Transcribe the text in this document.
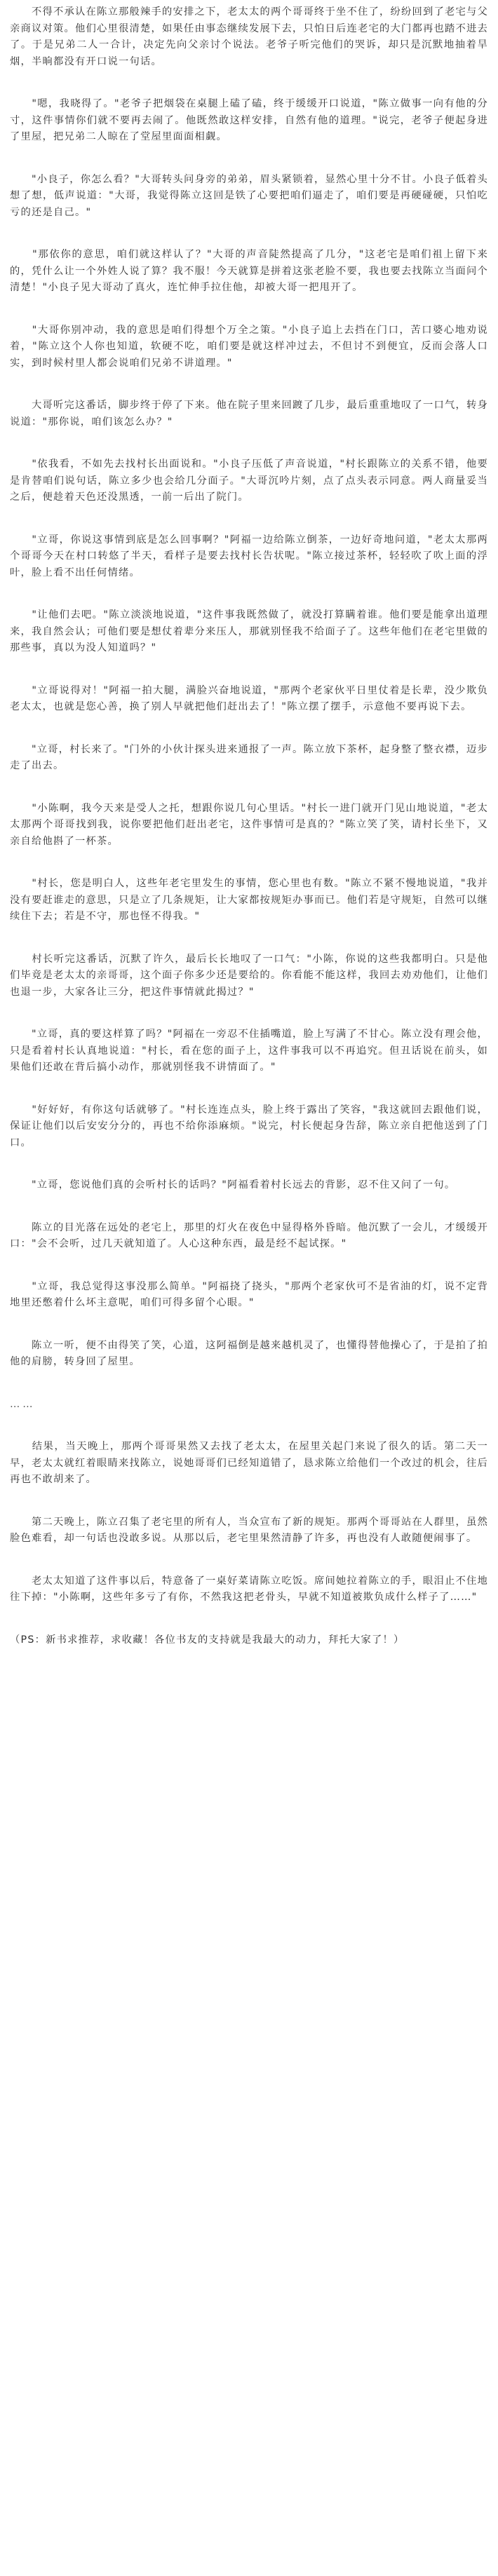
　　不得不承认在陈立那般辣手的安排之下，老太太的两个哥哥终于坐不住了，纷纷回到了老宅与父亲商议对策。他们心里很清楚，如果任由事态继续发展下去，只怕日后连老宅的大门都再也踏不进去了。于是兄弟二人一合计，决定先向父亲讨个说法。老爷子听完他们的哭诉，却只是沉默地抽着旱烟，半晌都没有开口说一句话。

　　"嗯，我晓得了。"老爷子把烟袋在桌腿上磕了磕，终于缓缓开口说道，"陈立做事一向有他的分寸，这件事情你们就不要再去闹了。他既然敢这样安排，自然有他的道理。"说完，老爷子便起身进了里屋，把兄弟二人晾在了堂屋里面面相觑。

　　"小良子，你怎么看？"大哥转头问身旁的弟弟，眉头紧锁着，显然心里十分不甘。小良子低着头想了想，低声说道："大哥，我觉得陈立这回是铁了心要把咱们逼走了，咱们要是再硬碰硬，只怕吃亏的还是自己。"

　　"那依你的意思，咱们就这样认了？"大哥的声音陡然提高了几分，"这老宅是咱们祖上留下来的，凭什么让一个外姓人说了算？我不服！今天就算是拼着这张老脸不要，我也要去找陈立当面问个清楚！"小良子见大哥动了真火，连忙伸手拉住他，却被大哥一把甩开了。

　　"大哥你别冲动，我的意思是咱们得想个万全之策。"小良子追上去挡在门口，苦口婆心地劝说着，"陈立这个人你也知道，软硬不吃，咱们要是就这样冲过去，不但讨不到便宜，反而会落人口实，到时候村里人都会说咱们兄弟不讲道理。"

　　大哥听完这番话，脚步终于停了下来。他在院子里来回踱了几步，最后重重地叹了一口气，转身说道："那你说，咱们该怎么办？"

　　"依我看，不如先去找村长出面说和。"小良子压低了声音说道，"村长跟陈立的关系不错，他要是肯替咱们说句话，陈立多少也会给几分面子。"大哥沉吟片刻，点了点头表示同意。两人商量妥当之后，便趁着天色还没黑透，一前一后出了院门。

　　"立哥，你说这事情到底是怎么回事啊？"阿福一边给陈立倒茶，一边好奇地问道，"老太太那两个哥哥今天在村口转悠了半天，看样子是要去找村长告状呢。"陈立接过茶杯，轻轻吹了吹上面的浮叶，脸上看不出任何情绪。

　　"让他们去吧。"陈立淡淡地说道，"这件事我既然做了，就没打算瞒着谁。他们要是能拿出道理来，我自然会认；可他们要是想仗着辈分来压人，那就别怪我不给面子了。这些年他们在老宅里做的那些事，真以为没人知道吗？"

　　"立哥说得对！"阿福一拍大腿，满脸兴奋地说道，"那两个老家伙平日里仗着是长辈，没少欺负老太太，也就是您心善，换了别人早就把他们赶出去了！"陈立摆了摆手，示意他不要再说下去。

　　"立哥，村长来了。"门外的小伙计探头进来通报了一声。陈立放下茶杯，起身整了整衣襟，迈步走了出去。

　　"小陈啊，我今天来是受人之托，想跟你说几句心里话。"村长一进门就开门见山地说道，"老太太那两个哥哥找到我，说你要把他们赶出老宅，这件事情可是真的？"陈立笑了笑，请村长坐下，又亲自给他斟了一杯茶。

　　"村长，您是明白人，这些年老宅里发生的事情，您心里也有数。"陈立不紧不慢地说道，"我并没有要赶谁走的意思，只是立了几条规矩，让大家都按规矩办事而已。他们若是守规矩，自然可以继续住下去；若是不守，那也怪不得我。"

　　村长听完这番话，沉默了许久，最后长长地叹了一口气："小陈，你说的这些我都明白。只是他们毕竟是老太太的亲哥哥，这个面子你多少还是要给的。你看能不能这样，我回去劝劝他们，让他们也退一步，大家各让三分，把这件事情就此揭过？"

　　"立哥，真的要这样算了吗？"阿福在一旁忍不住插嘴道，脸上写满了不甘心。陈立没有理会他，只是看着村长认真地说道："村长，看在您的面子上，这件事我可以不再追究。但丑话说在前头，如果他们还敢在背后搞小动作，那就别怪我不讲情面了。"

　　"好好好，有你这句话就够了。"村长连连点头，脸上终于露出了笑容，"我这就回去跟他们说，保证让他们以后安安分分的，再也不给你添麻烦。"说完，村长便起身告辞，陈立亲自把他送到了门口。

　　"立哥，您说他们真的会听村长的话吗？"阿福看着村长远去的背影，忍不住又问了一句。

　　陈立的目光落在远处的老宅上，那里的灯火在夜色中显得格外昏暗。他沉默了一会儿，才缓缓开口："会不会听，过几天就知道了。人心这种东西，最是经不起试探。"

　　"立哥，我总觉得这事没那么简单。"阿福挠了挠头，"那两个老家伙可不是省油的灯，说不定背地里还憋着什么坏主意呢，咱们可得多留个心眼。"

　　陈立一听，便不由得笑了笑，心道，这阿福倒是越来越机灵了，也懂得替他操心了，于是拍了拍他的肩膀，转身回了屋里。

……

　　结果，当天晚上，那两个哥哥果然又去找了老太太，在屋里关起门来说了很久的话。第二天一早，老太太就红着眼睛来找陈立，说她哥哥们已经知道错了，恳求陈立给他们一个改过的机会，往后再也不敢胡来了。

　　第二天晚上，陈立召集了老宅里的所有人，当众宣布了新的规矩。那两个哥哥站在人群里，虽然脸色难看，却一句话也没敢多说。从那以后，老宅里果然清静了许多，再也没有人敢随便闹事了。

　　老太太知道了这件事以后，特意备了一桌好菜请陈立吃饭。席间她拉着陈立的手，眼泪止不住地往下掉："小陈啊，这些年多亏了有你，不然我这把老骨头，早就不知道被欺负成什么样子了……"

（PS：新书求推荐，求收藏！各位书友的支持就是我最大的动力，拜托大家了！）
